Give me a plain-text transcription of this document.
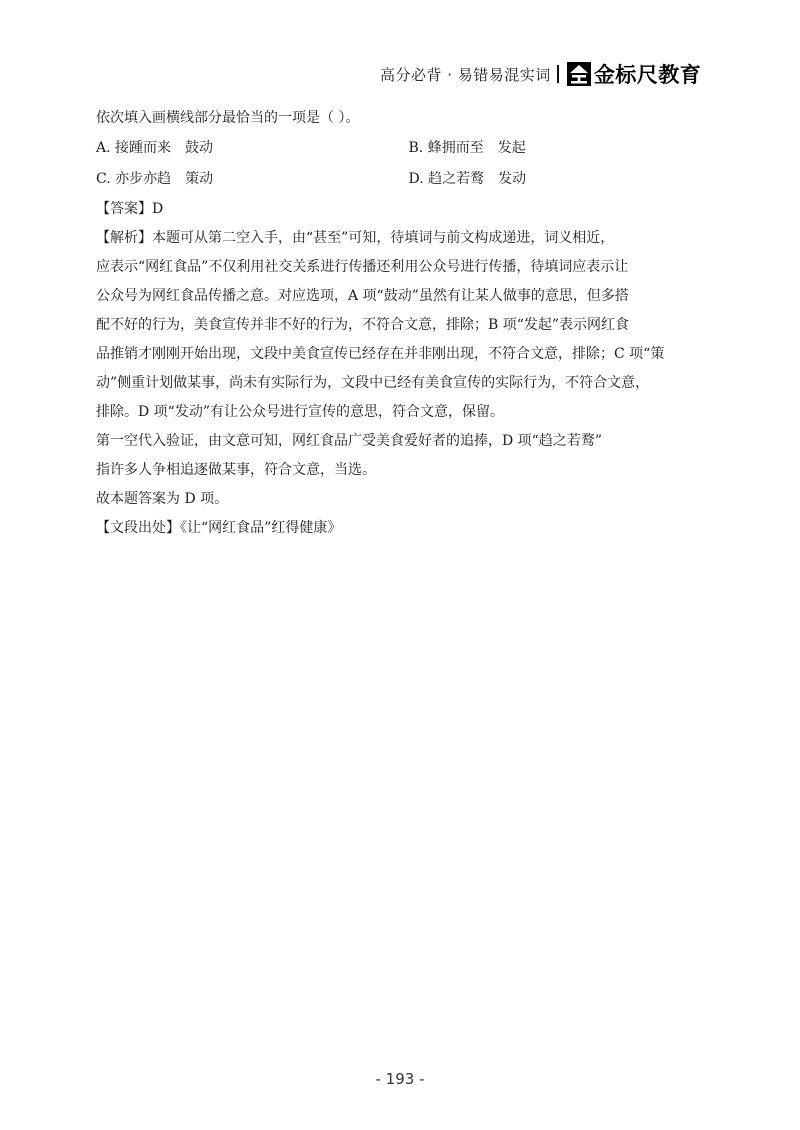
高分必背 · 易错易混实词 金标尺教育
依次填入画横线部分最恰当的一项是（ ）。
A. 接踵而来　鼓动	B. 蜂拥而至　发起
C. 亦步亦趋　策动	D. 趋之若鹜　发动
【答案】D
【解析】本题可从第二空入手，由“甚至”可知，待填词与前文构成递进，词义相近，
应表示“网红食品”不仅利用社交关系进行传播还利用公众号进行传播，待填词应表示让
公众号为网红食品传播之意。对应选项，A 项“鼓动”虽然有让某人做事的意思，但多搭
配不好的行为，美食宣传并非不好的行为，不符合文意，排除；B 项“发起”表示网红食
品推销才刚刚开始出现，文段中美食宣传已经存在并非刚出现，不符合文意，排除；C 项“策
动”侧重计划做某事，尚未有实际行为，文段中已经有美食宣传的实际行为，不符合文意，
排除。D 项“发动”有让公众号进行宣传的意思，符合文意，保留。
第一空代入验证，由文意可知，网红食品广受美食爱好者的追捧，D 项“趋之若鹜”
指许多人争相追逐做某事，符合文意，当选。
故本题答案为 D 项。
【文段出处】《让“网红食品”红得健康》
- 193 -
